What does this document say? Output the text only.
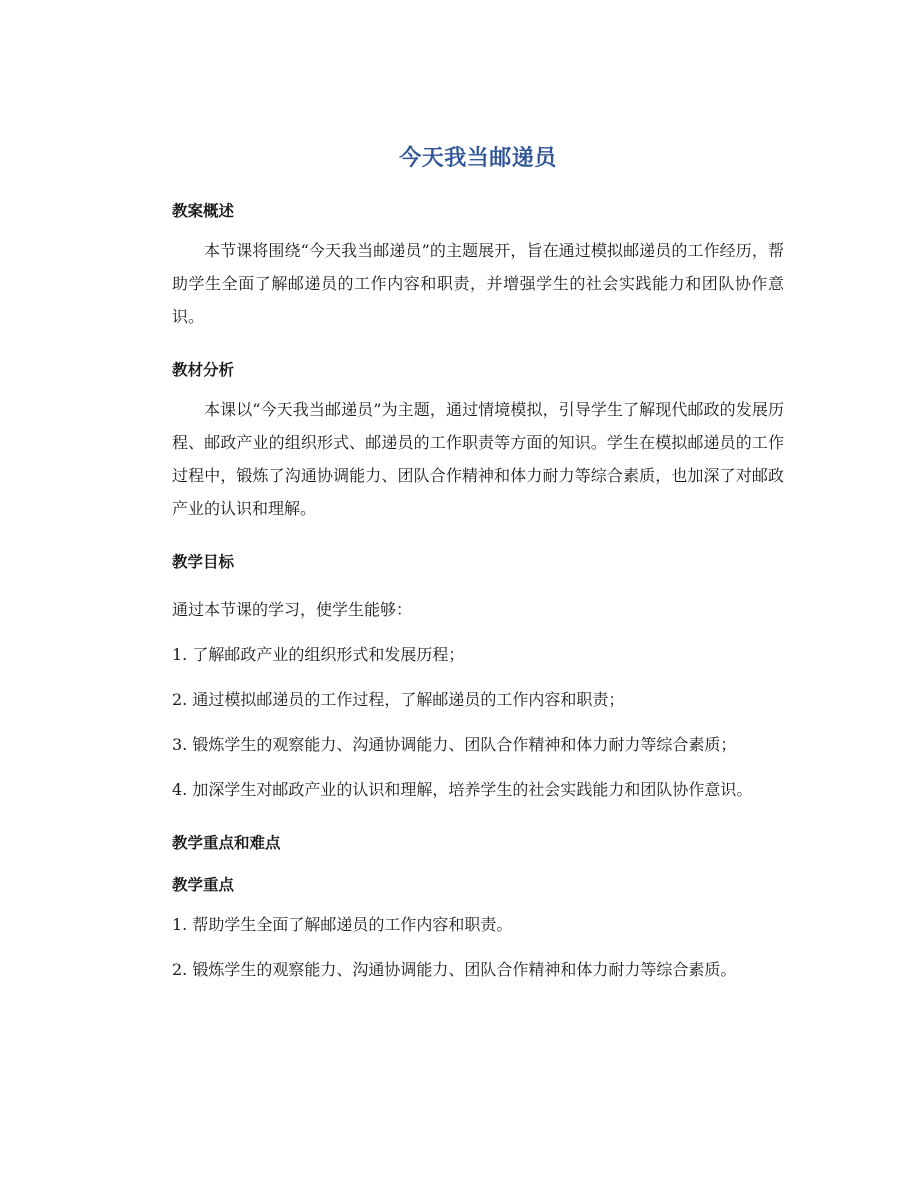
今天我当邮递员
教案概述

本节课将围绕“今天我当邮递员”的主题展开，旨在通过模拟邮递员的工作经历，帮助学生全面了解邮递员的工作内容和职责，并增强学生的社会实践能力和团队协作意识。

教材分析

本课以“今天我当邮递员”为主题，通过情境模拟，引导学生了解现代邮政的发展历程、邮政产业的组织形式、邮递员的工作职责等方面的知识。学生在模拟邮递员的工作过程中，锻炼了沟通协调能力、团队合作精神和体力耐力等综合素质，也加深了对邮政产业的认识和理解。

教学目标

通过本节课的学习，使学生能够：

1. 了解邮政产业的组织形式和发展历程；

2. 通过模拟邮递员的工作过程，了解邮递员的工作内容和职责；

3. 锻炼学生的观察能力、沟通协调能力、团队合作精神和体力耐力等综合素质；

4. 加深学生对邮政产业的认识和理解，培养学生的社会实践能力和团队协作意识。

教学重点和难点
教学重点

1. 帮助学生全面了解邮递员的工作内容和职责。

2. 锻炼学生的观察能力、沟通协调能力、团队合作精神和体力耐力等综合素质。
